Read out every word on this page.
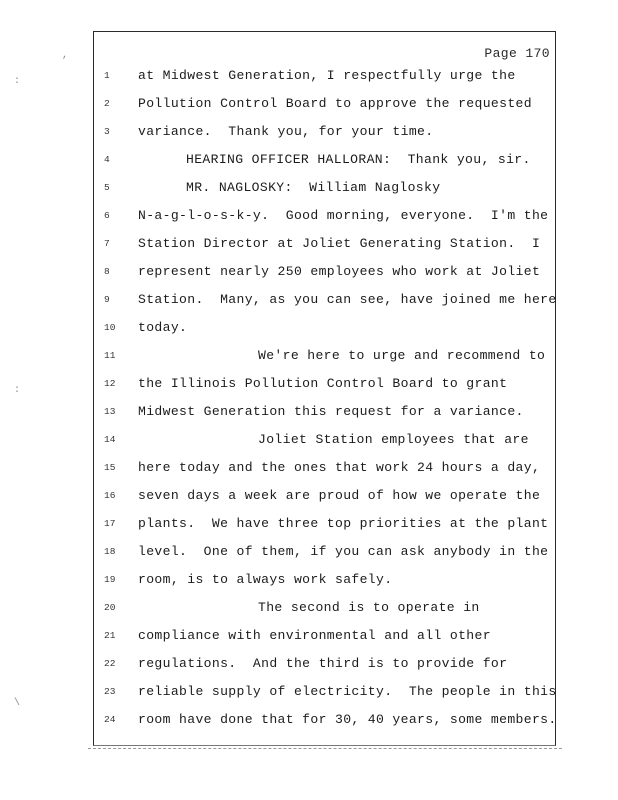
,
:
:
\
Page 170
1	at Midwest Generation, I respectfully urge the
2	Pollution Control Board to approve the requested
3	variance.  Thank you, for your time.
4	HEARING OFFICER HALLORAN:  Thank you, sir.
5	MR. NAGLOSKY:  William Naglosky
6	N-a-g-l-o-s-k-y.  Good morning, everyone.  I'm the
7	Station Director at Joliet Generating Station.  I
8	represent nearly 250 employees who work at Joliet
9	Station.  Many, as you can see, have joined me here
10	today.
11	We're here to urge and recommend to
12	the Illinois Pollution Control Board to grant
13	Midwest Generation this request for a variance.
14	Joliet Station employees that are
15	here today and the ones that work 24 hours a day,
16	seven days a week are proud of how we operate the
17	plants.  We have three top priorities at the plant
18	level.  One of them, if you can ask anybody in the
19	room, is to always work safely.
20	The second is to operate in
21	compliance with environmental and all other
22	regulations.  And the third is to provide for
23	reliable supply of electricity.  The people in this
24	room have done that for 30, 40 years, some members.
